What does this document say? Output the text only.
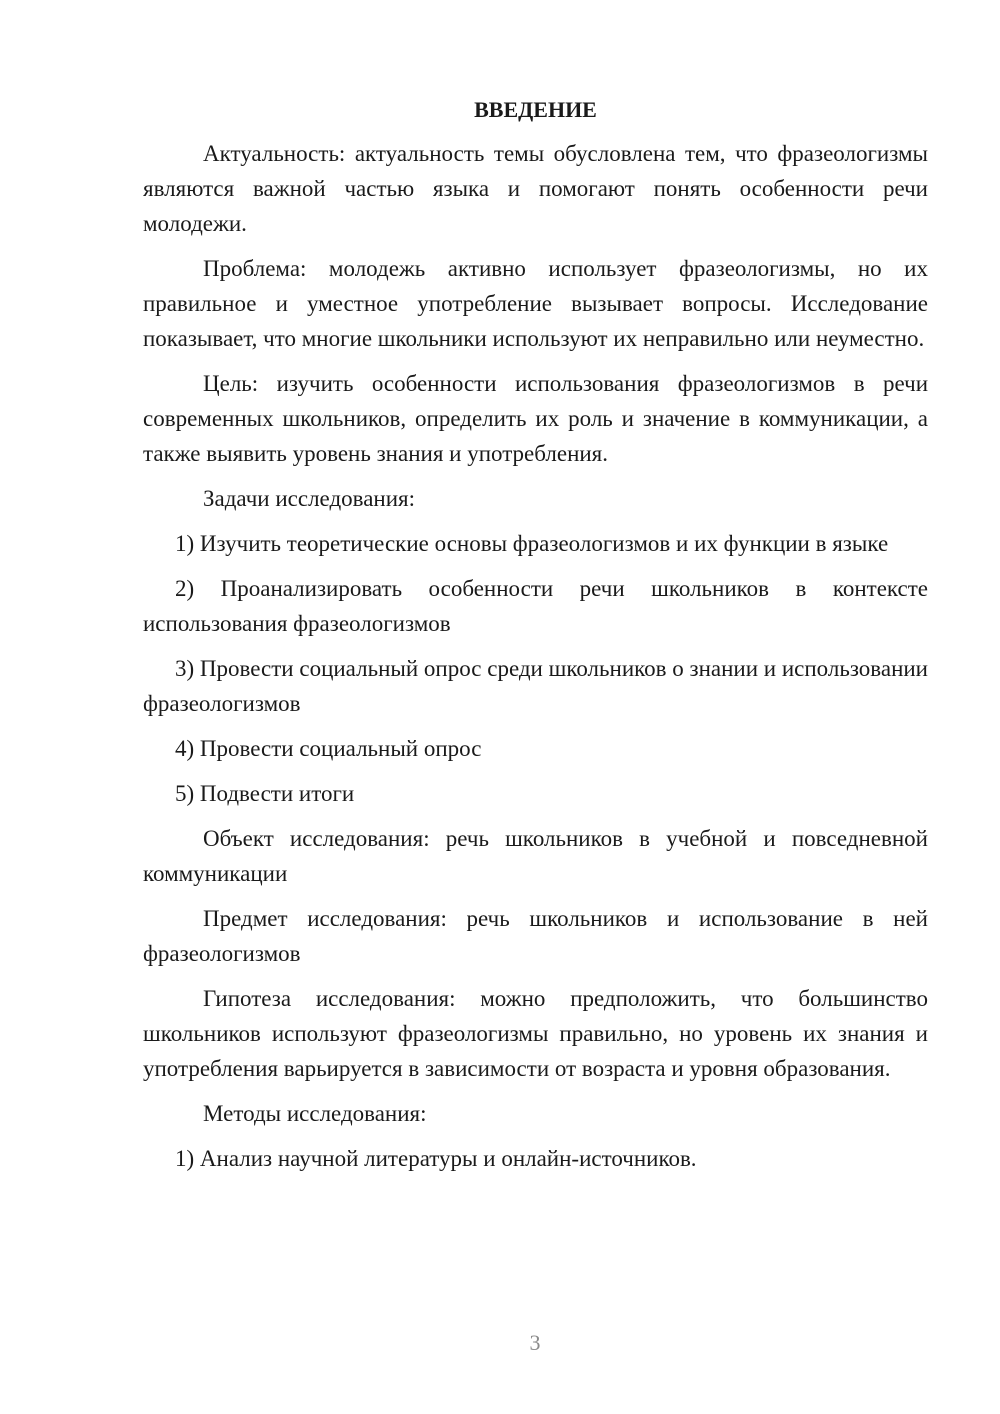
ВВЕДЕНИЕ

Актуальность: актуальность темы обусловлена тем, что фразеологизмы являются важной частью языка и помогают понять особенности речи молодежи.

Проблема: молодежь активно использует фразеологизмы, но их правильное и уместное употребление вызывает вопросы. Исследование показывает, что многие школьники используют их неправильно или неуместно.

Цель: изучить особенности использования фразеологизмов в речи современных школьников, определить их роль и значение в коммуникации, а также выявить уровень знания и употребления.

Задачи исследования:

1) Изучить теоретические основы фразеологизмов и их функции в языке

2) Проанализировать особенности речи школьников в контексте использования фразеологизмов

3) Провести социальный опрос среди школьников о знании и использовании фразеологизмов

4) Провести социальный опрос

5) Подвести итоги

Объект исследования: речь школьников в учебной и повседневной коммуникации

Предмет исследования: речь школьников и использование в ней фразеологизмов

Гипотеза исследования: можно предположить, что большинство школьников используют фразеологизмы правильно, но уровень их знания и употребления варьируется в зависимости от возраста и уровня образования.

Методы исследования:

1) Анализ научной литературы и онлайн-источников.

3
